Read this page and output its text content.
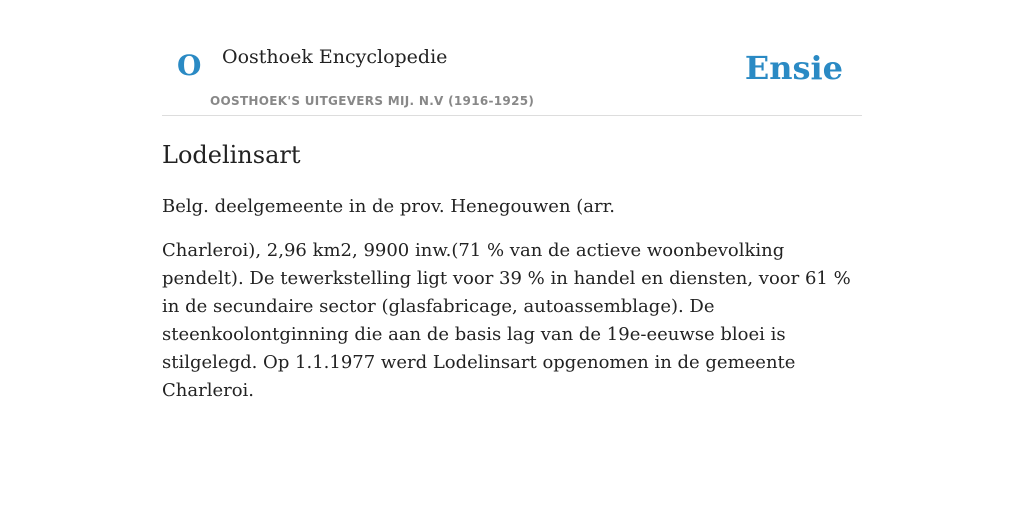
O Oosthoek Encyclopedie
OOSTHOEK'S UITGEVERS MIJ. N.V (1916-1925)
Ensie
Lodelinsart

Belg. deelgemeente in de prov. Henegouwen (arr.

Charleroi), 2,96 km2, 9900 inw.(71 % van de actieve woonbevolking pendelt). De tewerkstelling ligt voor 39 % in handel en diensten, voor 61 % in de secundaire sector (glasfabricage, autoassemblage). De steenkoolontginning die aan de basis lag van de 19e-eeuwse bloei is stilgelegd. Op 1.1.1977 werd Lodelinsart opgenomen in de gemeente Charleroi.
